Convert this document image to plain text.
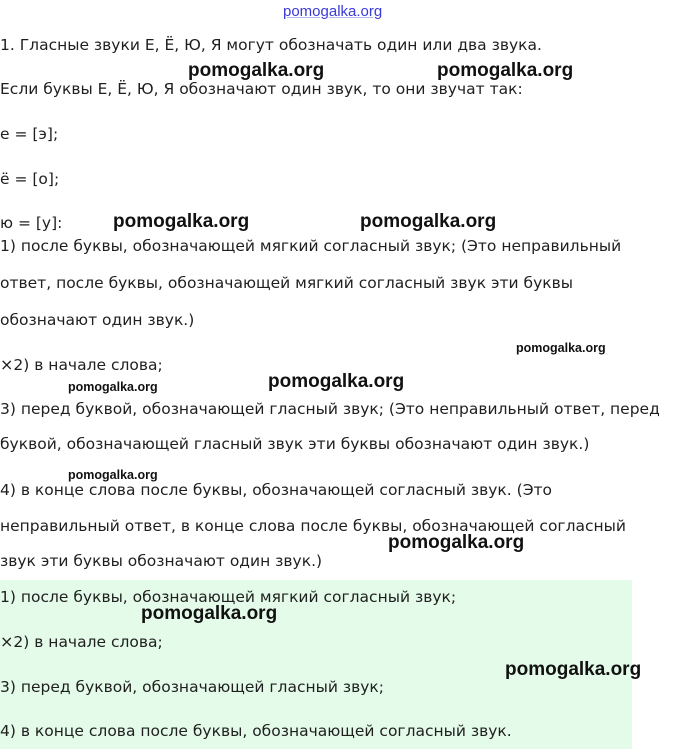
1. Гласные звуки Е, Ё, Ю, Я могут обозначать один или два звука.
Если буквы Е, Ё, Ю, Я обозначают один звук, то они звучат так:
е = [э];
ё = [о];
ю = [у]:
1) после буквы, обозначающей мягкий согласный звук; (Это неправильный
ответ, после буквы, обозначающей мягкий согласный звук эти буквы
обозначают один звук.)
×2) в начале слова;
3) перед буквой, обозначающей гласный звук; (Это неправильный ответ, перед
буквой, обозначающей гласный звук эти буквы обозначают один звук.)
4) в конце слова после буквы, обозначающей согласный звук. (Это
неправильный ответ, в конце слова после буквы, обозначающей согласный
звук эти буквы обозначают один звук.)
1) после буквы, обозначающей мягкий согласный звук;
×2) в начале слова;
3) перед буквой, обозначающей гласный звук;
4) в конце слова после буквы, обозначающей согласный звук.
pomogalka.org
pomogalka.org	pomogalka.org
pomogalka.org	pomogalka.org
pomogalka.org
pomogalka.org	pomogalka.org
pomogalka.org
pomogalka.org
pomogalka.org
pomogalka.org
